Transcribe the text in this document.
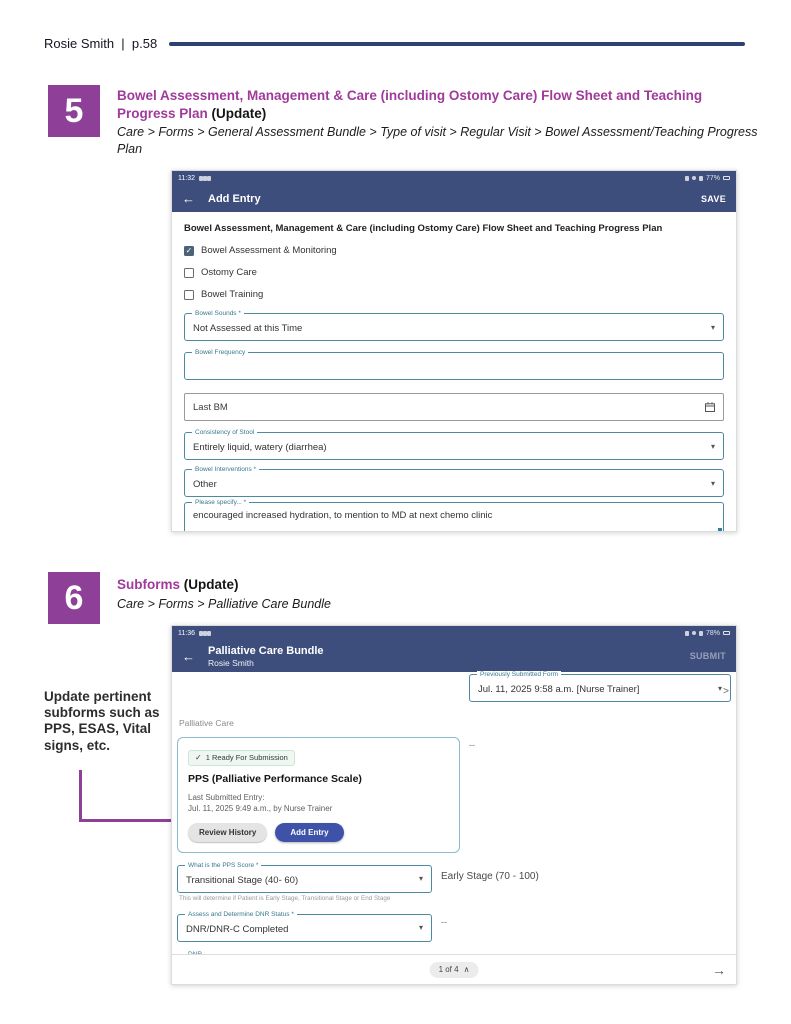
Rosie Smith  |  p.58
5	Bowel Assessment, Management & Care (including Ostomy Care) Flow Sheet and Teaching Progress Plan (Update)
Care > Forms > General Assessment Bundle > Type of visit > Regular Visit > Bowel Assessment/Teaching Progress Plan
11:32	77%
← Add Entry	SAVE
Bowel Assessment, Management & Care (including Ostomy Care) Flow Sheet and Teaching Progress Plan
✓ Bowel Assessment & Monitoring
Ostomy Care
Bowel Training
Bowel Sounds *
Not Assessed at this Time	▾
Bowel Frequency
Last BM
Consistency of Stool
Entirely liquid, watery (diarrhea)	▾
Bowel Interventions *
Other	▾
Please specify... *
encouraged increased hydration, to mention to MD at next chemo clinic
6	Subforms (Update)
Care > Forms > Palliative Care Bundle
Update pertinent subforms such as PPS, ESAS, Vital signs, etc.
11:36	78%
← Palliative Care Bundle
Rosie Smith
SUBMIT
Previously Submitted Form
Jul. 11, 2025 9:58 a.m. [Nurse Trainer]	▾
Palliative Care
✓ 1 Ready For Submission
PPS (Palliative Performance Scale)
Last Submitted Entry:
Jul. 11, 2025 9:49 a.m., by Nurse Trainer
Review History	Add Entry
--
What is the PPS Score *
Transitional Stage (40- 60)	▾
This will determine if Patient is Early Stage, Transitional Stage or End Stage
Early Stage (70 - 100)
>
Assess and Determine DNR Status *
DNR/DNR-C Completed	▾
--
1 of 4 ∧	→
